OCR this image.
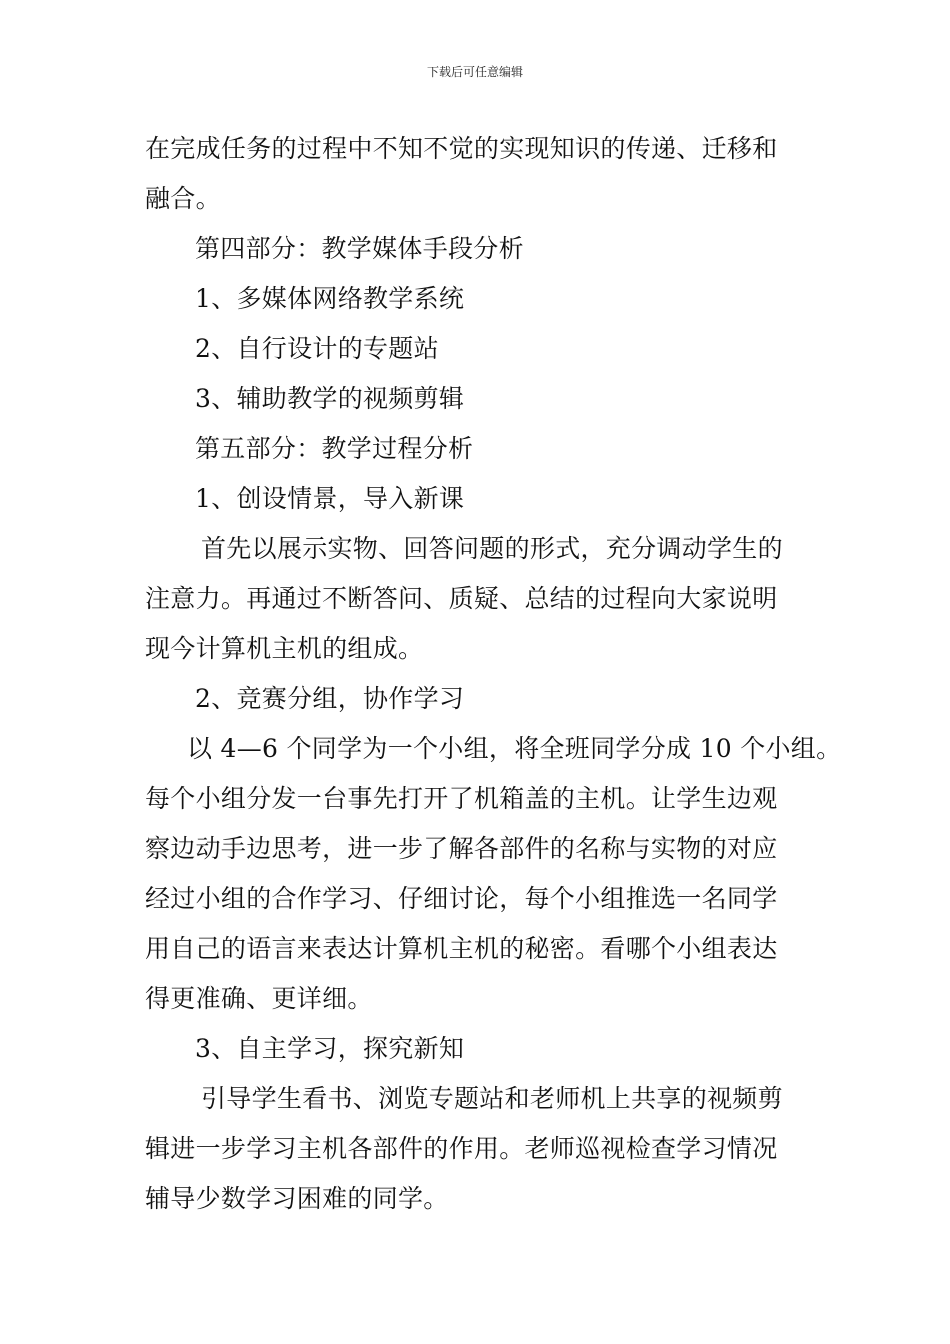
下载后可任意编辑
在完成任务的过程中不知不觉的实现知识的传递、迁移和
融合。
第四部分：教学媒体手段分析
1、多媒体网络教学系统
2、自行设计的专题站
3、辅助教学的视频剪辑
第五部分：教学过程分析
1、创设情景，导入新课
首先以展示实物、回答问题的形式，充分调动学生的
注意力。再通过不断答问、质疑、总结的过程向大家说明
现今计算机主机的组成。
2、竞赛分组，协作学习
以 4—6 个同学为一个小组，将全班同学分成 10 个小组。
每个小组分发一台事先打开了机箱盖的主机。让学生边观
察边动手边思考，进一步了解各部件的名称与实物的对应
经过小组的合作学习、仔细讨论，每个小组推选一名同学
用自己的语言来表达计算机主机的秘密。看哪个小组表达
得更准确、更详细。
3、自主学习，探究新知
引导学生看书、浏览专题站和老师机上共享的视频剪
辑进一步学习主机各部件的作用。老师巡视检查学习情况
辅导少数学习困难的同学。
